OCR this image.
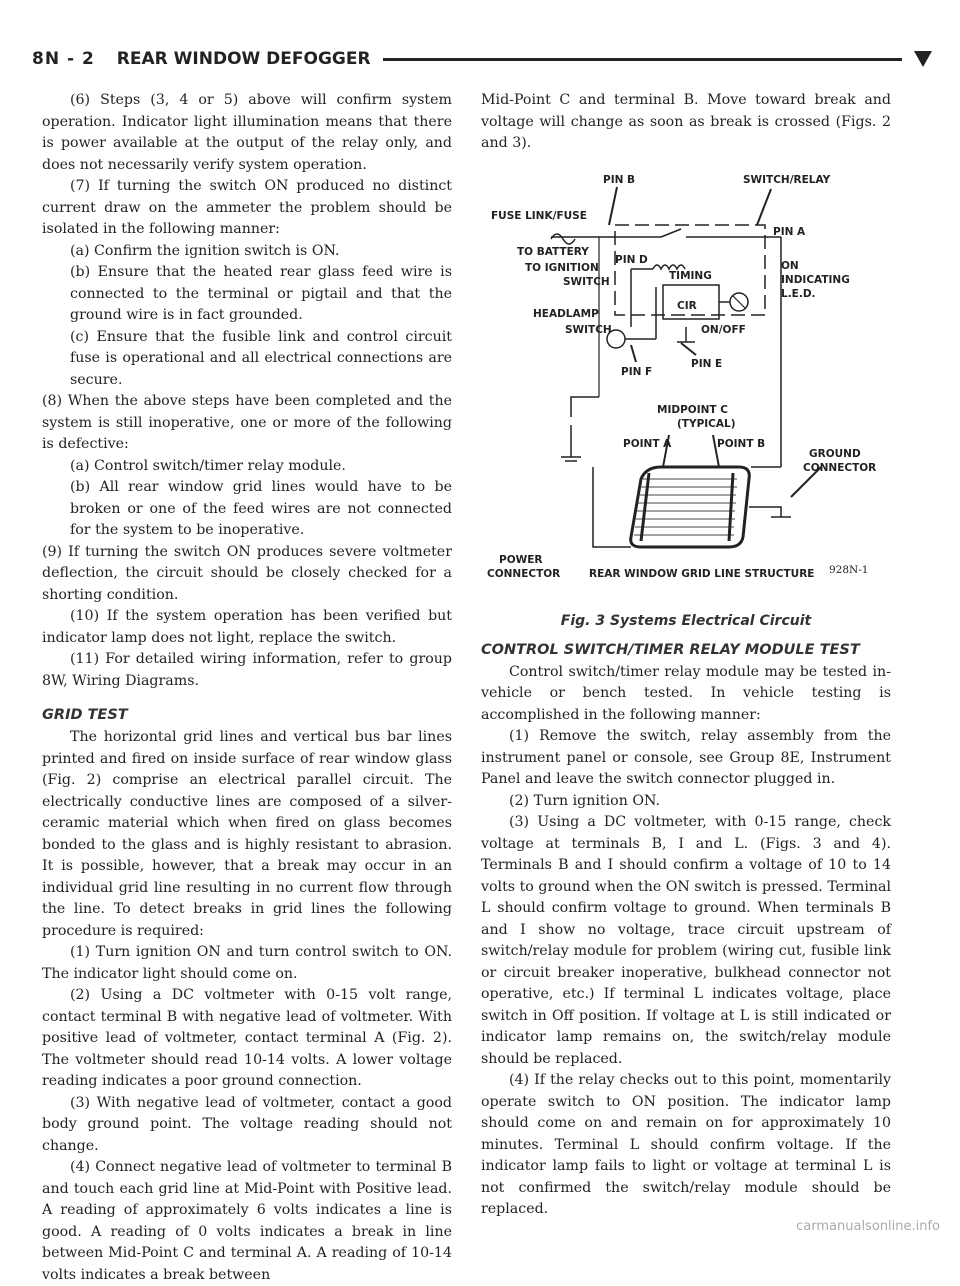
8N - 2 REAR WINDOW DEFOGGER

(6) Steps (3, 4 or 5) above will confirm system operation. Indicator light illumination means that there is power available at the output of the relay only, and does not necessarily verify system operation.

(7) If turning the switch ON produced no distinct current draw on the ammeter the problem should be isolated in the following manner:

(a) Confirm the ignition switch is ON.

(b) Ensure that the heated rear glass feed wire is connected to the terminal or pigtail and that the ground wire is in fact grounded.

(c) Ensure that the fusible link and control circuit fuse is operational and all electrical connections are secure.

(8) When the above steps have been completed and the system is still inoperative, one or more of the following is defective:

(a) Control switch/timer relay module.

(b) All rear window grid lines would have to be broken or one of the feed wires are not connected for the system to be inoperative.

(9) If turning the switch ON produces severe voltmeter deflection, the circuit should be closely checked for a shorting condition.

(10) If the system operation has been verified but indicator lamp does not light, replace the switch.

(11) For detailed wiring information, refer to group 8W, Wiring Diagrams.

GRID TEST

The horizontal grid lines and vertical bus bar lines printed and fired on inside surface of rear window glass (Fig. 2) comprise an electrical parallel circuit. The electrically conductive lines are composed of a silver-ceramic material which when fired on glass becomes bonded to the glass and is highly resistant to abrasion. It is possible, however, that a break may occur in an individual grid line resulting in no current flow through the line. To detect breaks in grid lines the following procedure is required:

(1) Turn ignition ON and turn control switch to ON. The indicator light should come on.

(2) Using a DC voltmeter with 0-15 volt range, contact terminal B with negative lead of voltmeter. With positive lead of voltmeter, contact terminal A (Fig. 2). The voltmeter should read 10-14 volts. A lower voltage reading indicates a poor ground connection.

(3) With negative lead of voltmeter, contact a good body ground point. The voltage reading should not change.

(4) Connect negative lead of voltmeter to terminal B and touch each grid line at Mid-Point with Positive lead. A reading of approximately 6 volts indicates a line is good. A reading of 0 volts indicates a break in line between Mid-Point C and terminal A. A reading of 10-14 volts indicates a break between

Mid-Point C and terminal B. Move toward break and voltage will change as soon as break is crossed (Figs. 2 and 3).

PIN B	SWITCH/RELAY
FUSE LINK/FUSE
PIN A
TO BATTERY
PIN D
TO IGNITION
SWITCH	TIMING
CIR
ON
INDICATING
L.E.D.
HEADLAMP
SWITCH	ON/OFF
PIN F
PIN E
MIDPOINT C
(TYPICAL)
POINT A	POINT B
GROUND
CONNECTOR
POWER
CONNECTOR	REAR WINDOW GRID LINE STRUCTURE 928N-1
Fig. 3 Systems Electrical Circuit
CONTROL SWITCH/TIMER RELAY MODULE TEST

Control switch/timer relay module may be tested in-vehicle or bench tested. In vehicle testing is accomplished in the following manner:

(1) Remove the switch, relay assembly from the instrument panel or console, see Group 8E, Instrument Panel and leave the switch connector plugged in.

(2) Turn ignition ON.

(3) Using a DC voltmeter, with 0-15 range, check voltage at terminals B, I and L. (Figs. 3 and 4). Terminals B and I should confirm a voltage of 10 to 14 volts to ground when the ON switch is pressed. Terminal L should confirm voltage to ground. When terminals B and I show no voltage, trace circuit upstream of switch/relay module for problem (wiring cut, fusible link or circuit breaker inoperative, bulkhead connector not operative, etc.) If terminal L indicates voltage, place switch in Off position. If voltage at L is still indicated or indicator lamp remains on, the switch/relay module should be replaced.

(4) If the relay checks out to this point, momentarily operate switch to ON position. The indicator lamp should come on and remain on for approximately 10 minutes. Terminal L should confirm voltage. If the indicator lamp fails to light or voltage at terminal L is not confirmed the switch/relay module should be replaced.

carmanualsonline.info
